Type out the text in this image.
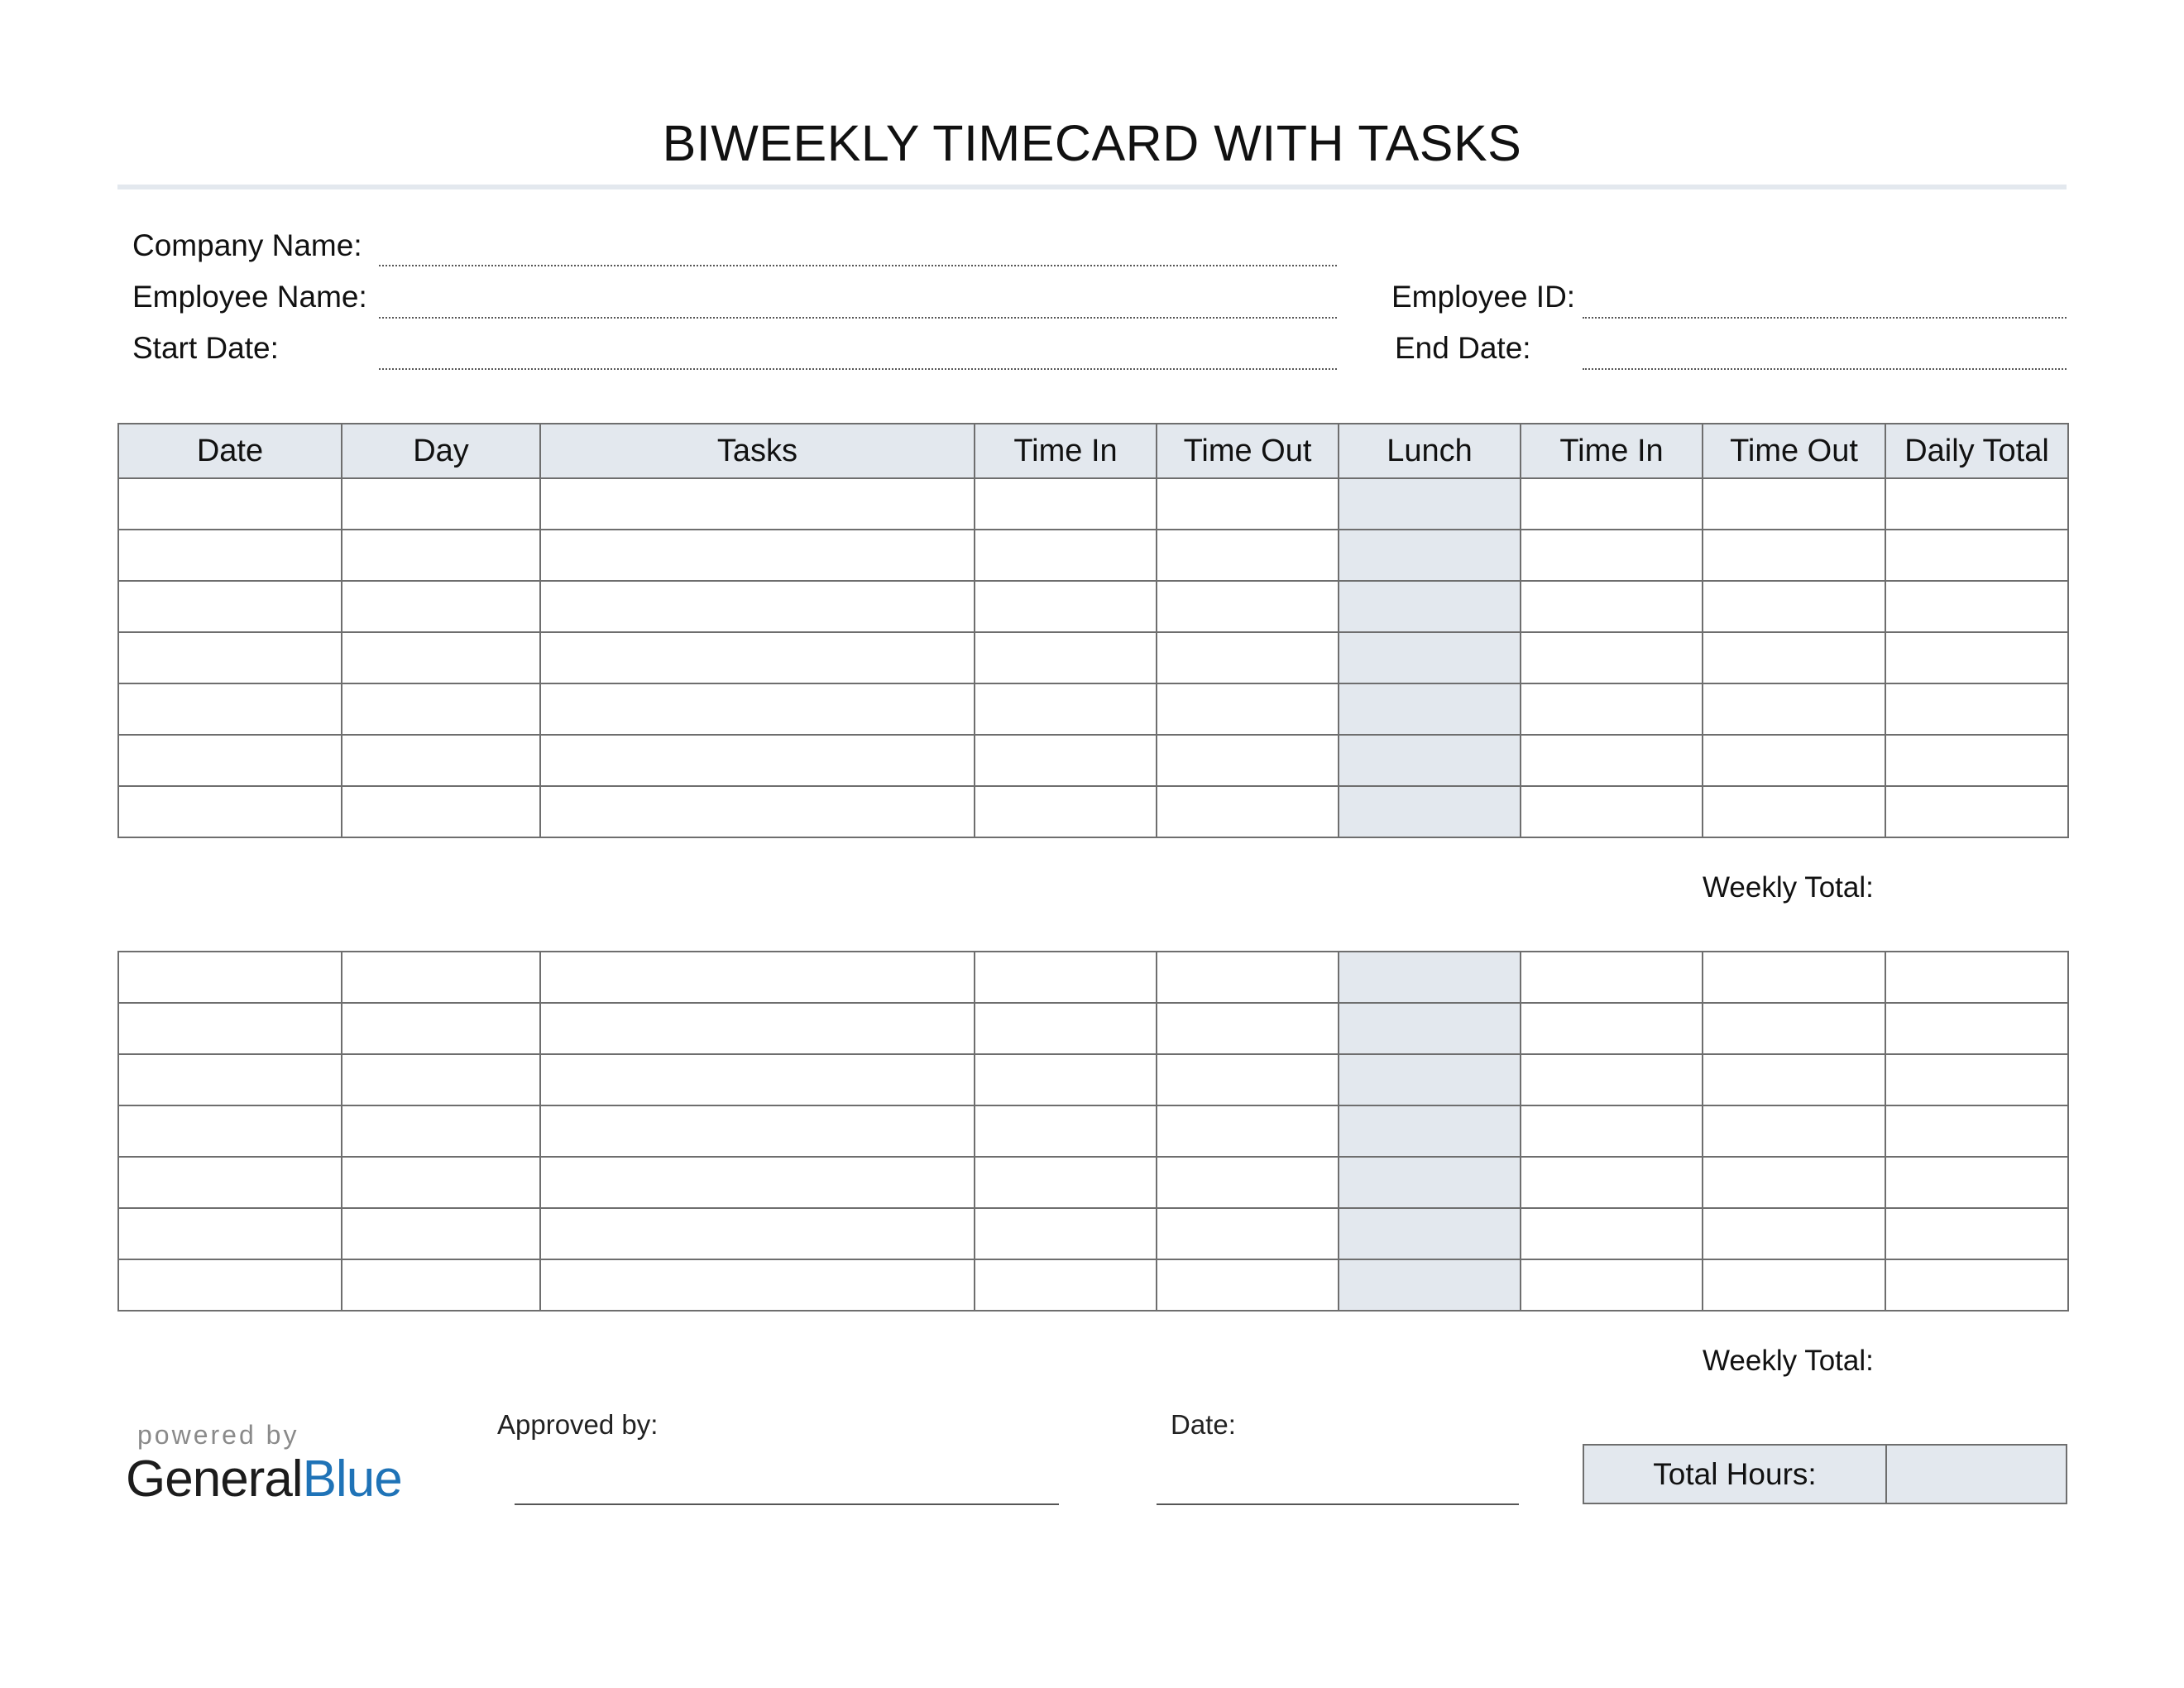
BIWEEKLY TIMECARD WITH TASKS
Company Name:
Employee Name:
Start Date:
Employee ID:
End Date:
Date	Day	Tasks	Time In	Time Out	Lunch	Time In	Time Out	Daily Total

Weekly Total:

Weekly Total:
powered by
GeneralBlue
Approved by:	Date:
Total Hours:
